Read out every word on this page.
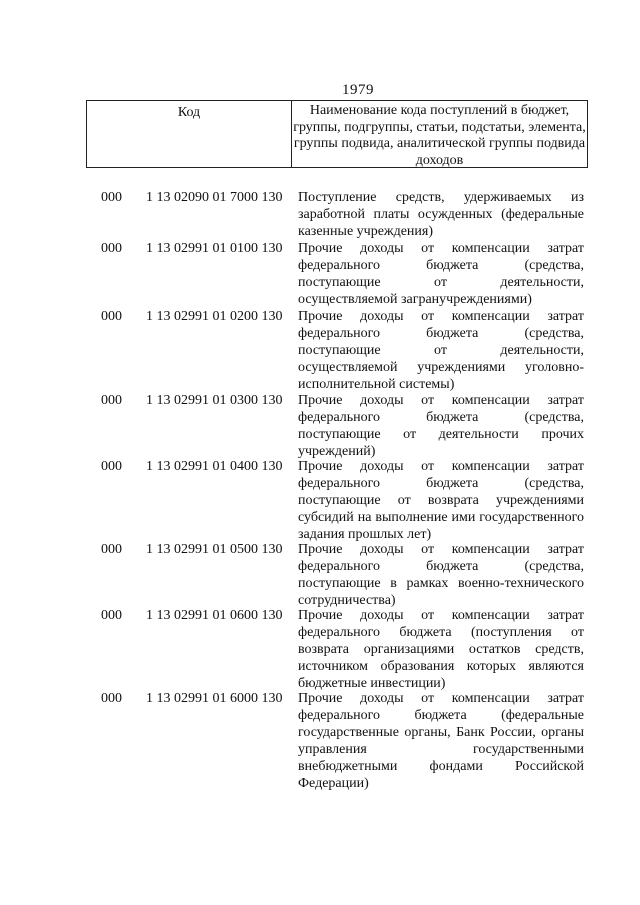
1979
Код	Наименование кода поступлений в бюджет, группы, подгруппы, статьи, подстатьи, элемента, группы подвида, аналитической группы подвида доходов
000 1 13 02090 01 7000 130 Поступление средств, удерживаемых из заработной платы осужденных (федеральные казенные учреждения)
000 1 13 02991 01 0100 130 Прочие доходы от компенсации затрат федерального бюджета (средства, поступающие от деятельности, осуществляемой загранучреждениями)
000 1 13 02991 01 0200 130 Прочие доходы от компенсации затрат федерального бюджета (средства, поступающие от деятельности, осуществляемой учреждениями уголовно-исполнительной системы)
000 1 13 02991 01 0300 130 Прочие доходы от компенсации затрат федерального бюджета (средства, поступающие от деятельности прочих учреждений)
000 1 13 02991 01 0400 130 Прочие доходы от компенсации затрат федерального бюджета (средства, поступающие от возврата учреждениями субсидий на выполнение ими государственного задания прошлых лет)
000 1 13 02991 01 0500 130 Прочие доходы от компенсации затрат федерального бюджета (средства, поступающие в рамках военно-технического сотрудничества)
000 1 13 02991 01 0600 130 Прочие доходы от компенсации затрат федерального бюджета (поступления от возврата организациями остатков средств, источником образования которых являются бюджетные инвестиции)
000 1 13 02991 01 6000 130 Прочие доходы от компенсации затрат федерального бюджета (федеральные государственные органы, Банк России, органы управления государственными внебюджетными фондами Российской Федерации)
